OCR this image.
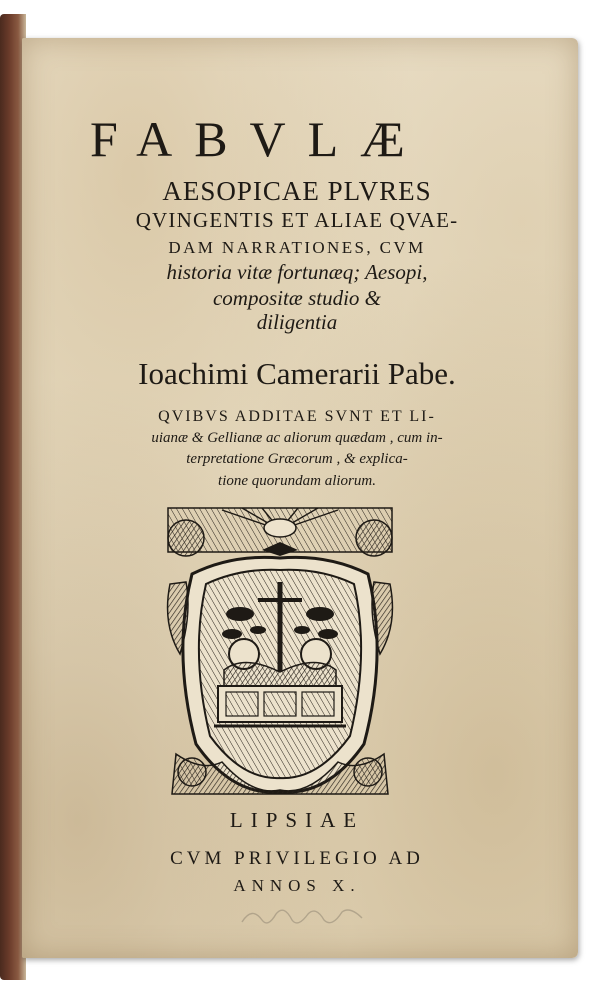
FABVLÆ
AESOPICAE PLVRES
QVINGENTIS ET ALIAE QVAE-
DAM NARRATIONES, CVM
historia vitæ fortunæq; Aesopi,
compositæ studio &
diligentia
Ioachimi Camerarii Pabe.
QVIBVS ADDITAE SVNT ET LI-
uianæ & Gellianæ ac aliorum quædam , cum in-
terpretatione Græcorum , & explica-
tione quorundam aliorum.
LIPSIAE
CVM PRIVILEGIO AD
ANNOS X.
